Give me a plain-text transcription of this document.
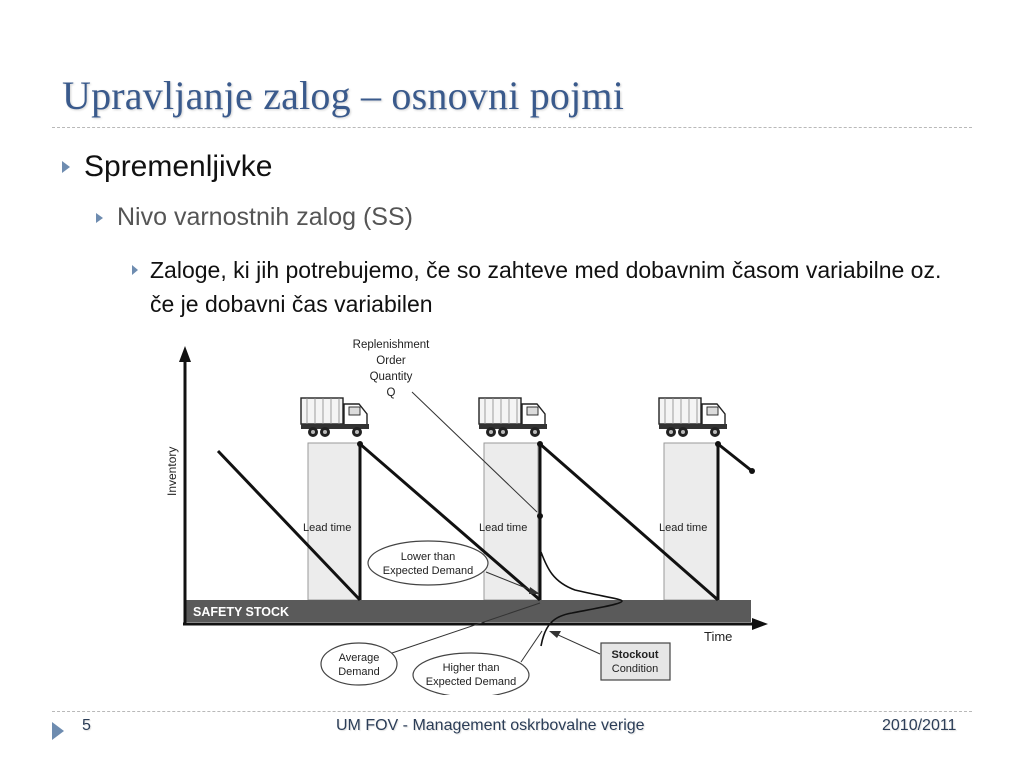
Upravljanje zalog – osnovni pojmi
Spremenljivke
Nivo varnostnih zalog (SS)
Zaloge, ki jih potrebujemo, če so zahteve med dobavnim časom variabilne oz. če je dobavni čas variabilen
SAFETY STOCK
Inventory
Time
Lead time	Lead time	Lead time
Replenishment
Order
Quantity
Q
Lower than
Expected Demand
Average
Demand	Higher than
Expected Demand
Stockout
Condition
5	UM FOV - Management oskrbovalne verige	2010/2011
